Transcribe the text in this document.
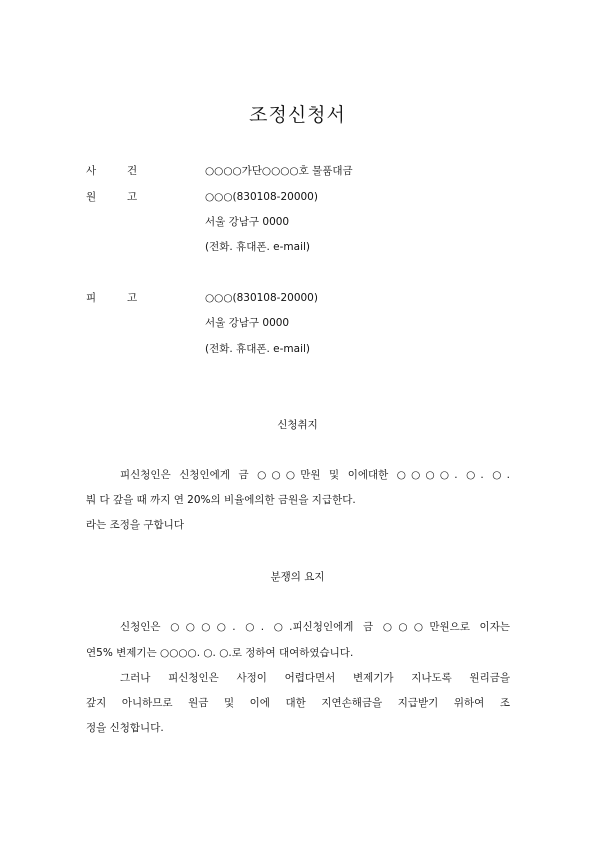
조정신청서
사	건	○○○○가단○○○○호 물품대금
원	고	○○○(830108-20000)
서울 강남구 0000
(전화. 휴대폰. e-mail)
피	고	○○○(830108-20000)
서울 강남구 0000
(전화. 휴대폰. e-mail)
신청취지
피신청인은 신청인에게 금 ○○○만원 및 이에대한 ○○○○. ○. ○.
붜 다 갚을 때 까지 연 20%의 비율에의한 금원을 지급한다.
라는 조정을 구합니다
분쟁의 요지
신청인은 ○○○○. ○. ○.피신청인에게 금 ○○○만원으로 이자는
연5% 변제기는 ○○○○. ○. ○.로 정하여 대여하였습니다.
그러나 피신청인은 사정이 어렵다면서 변제기가 지나도록 원리금을
갚지 아니하므로 원금 및 이에 대한 지연손해금을 지급받기 위하여 조
정을 신청합니다.
